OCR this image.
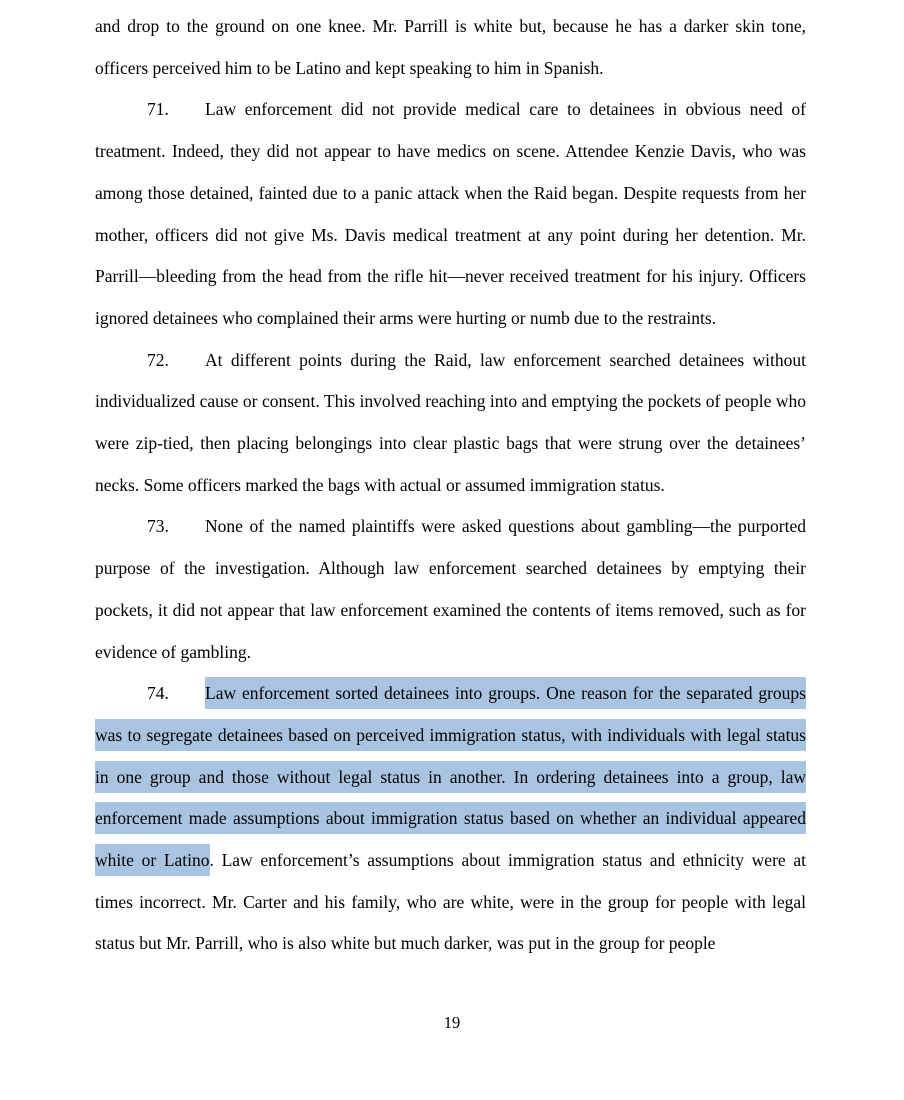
and drop to the ground on one knee. Mr. Parrill is white but, because he has a darker skin tone, officers perceived him to be Latino and kept speaking to him in Spanish.

71. Law enforcement did not provide medical care to detainees in obvious need of treatment. Indeed, they did not appear to have medics on scene. Attendee Kenzie Davis, who was among those detained, fainted due to a panic attack when the Raid began. Despite requests from her mother, officers did not give Ms. Davis medical treatment at any point during her detention. Mr. Parrill—bleeding from the head from the rifle hit—never received treatment for his injury. Officers ignored detainees who complained their arms were hurting or numb due to the restraints.

72. At different points during the Raid, law enforcement searched detainees without individualized cause or consent. This involved reaching into and emptying the pockets of people who were zip-tied, then placing belongings into clear plastic bags that were strung over the detainees’ necks. Some officers marked the bags with actual or assumed immigration status.

73. None of the named plaintiffs were asked questions about gambling—the purported purpose of the investigation. Although law enforcement searched detainees by emptying their pockets, it did not appear that law enforcement examined the contents of items removed, such as for evidence of gambling.

74. Law enforcement sorted detainees into groups. One reason for the separated groups was to segregate detainees based on perceived immigration status, with individuals with legal status in one group and those without legal status in another. In ordering detainees into a group, law enforcement made assumptions about immigration status based on whether an individual appeared white or Latino. Law enforcement’s assumptions about immigration status and ethnicity were at times incorrect. Mr. Carter and his family, who are white, were in the group for people with legal status but Mr. Parrill, who is also white but much darker, was put in the group for people

19
